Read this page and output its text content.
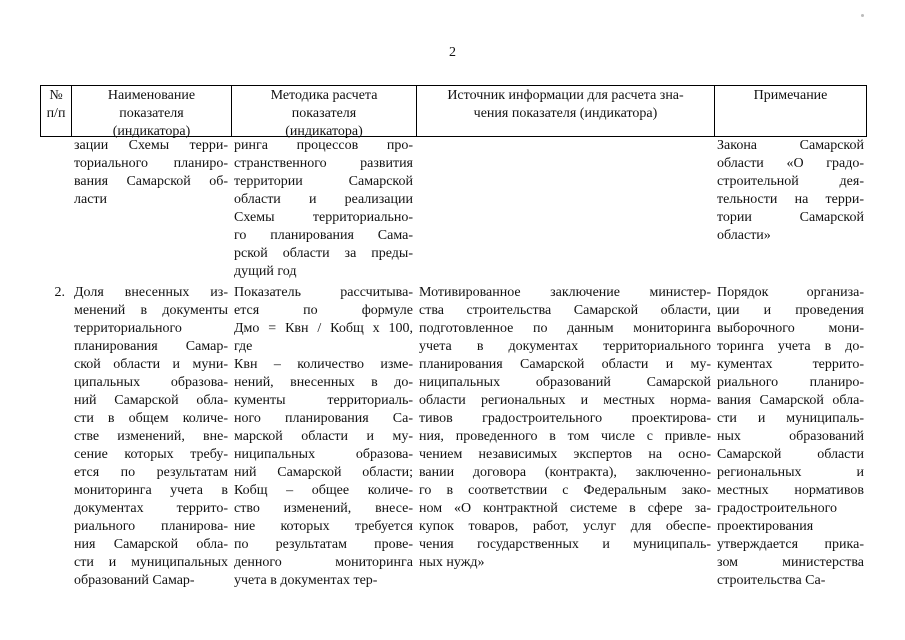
2
№
п/п
Наименование
показателя
(индикатора)
Методика расчета
показателя
(индикатора)
Источник информации для расчета зна-
чения показателя (индикатора)
Примечание
зации Схемы терри-
ториального планиро-
вания Самарской об-
ласти
ринга процессов про-
странственного развития
территории Самарской
области и реализации
Схемы территориально-
го планирования Сама-
рской области за преды-
дущий год
Закона Самарской
области «О градо-
строительной дея-
тельности на терри-
тории Самарской
области»
2. Доля внесенных из-
менений в документы
территориального
планирования Самар-
ской области и муни-
ципальных образова-
ний Самарской обла-
сти в общем количе-
стве изменений, вне-
сение которых требу-
ется по результатам
мониторинга учета в
документах террито-
риального планирова-
ния Самарской обла-
сти и муниципальных
образований Самар-
Показатель рассчитыва-
ется по формуле
Дмо = Квн / Кобщ х 100,
где
Квн – количество изме-
нений, внесенных в до-
кументы территориаль-
ного планирования Са-
марской области и му-
ниципальных образова-
ний Самарской области;
Кобщ – общее количе-
ство изменений, внесе-
ние которых требуется
по результатам прове-
денного мониторинга
учета в документах тер-
Мотивированное заключение министер-
ства строительства Самарской области,
подготовленное по данным мониторинга
учета в документах территориального
планирования Самарской области и му-
ниципальных образований Самарской
области региональных и местных норма-
тивов градостроительного проектирова-
ния, проведенного в том числе с привле-
чением независимых экспертов на осно-
вании договора (контракта), заключенно-
го в соответствии с Федеральным зако-
ном «О контрактной системе в сфере за-
купок товаров, работ, услуг для обеспе-
чения государственных и муниципаль-
ных нужд»
Порядок организа-
ции и проведения
выборочного мони-
торинга учета в до-
кументах террито-
риального планиро-
вания Самарской обла-
сти и муниципаль-
ных образований
Самарской области
региональных и
местных нормативов
градостроительного
проектирования
утверждается прика-
зом министерства
строительства Са-
